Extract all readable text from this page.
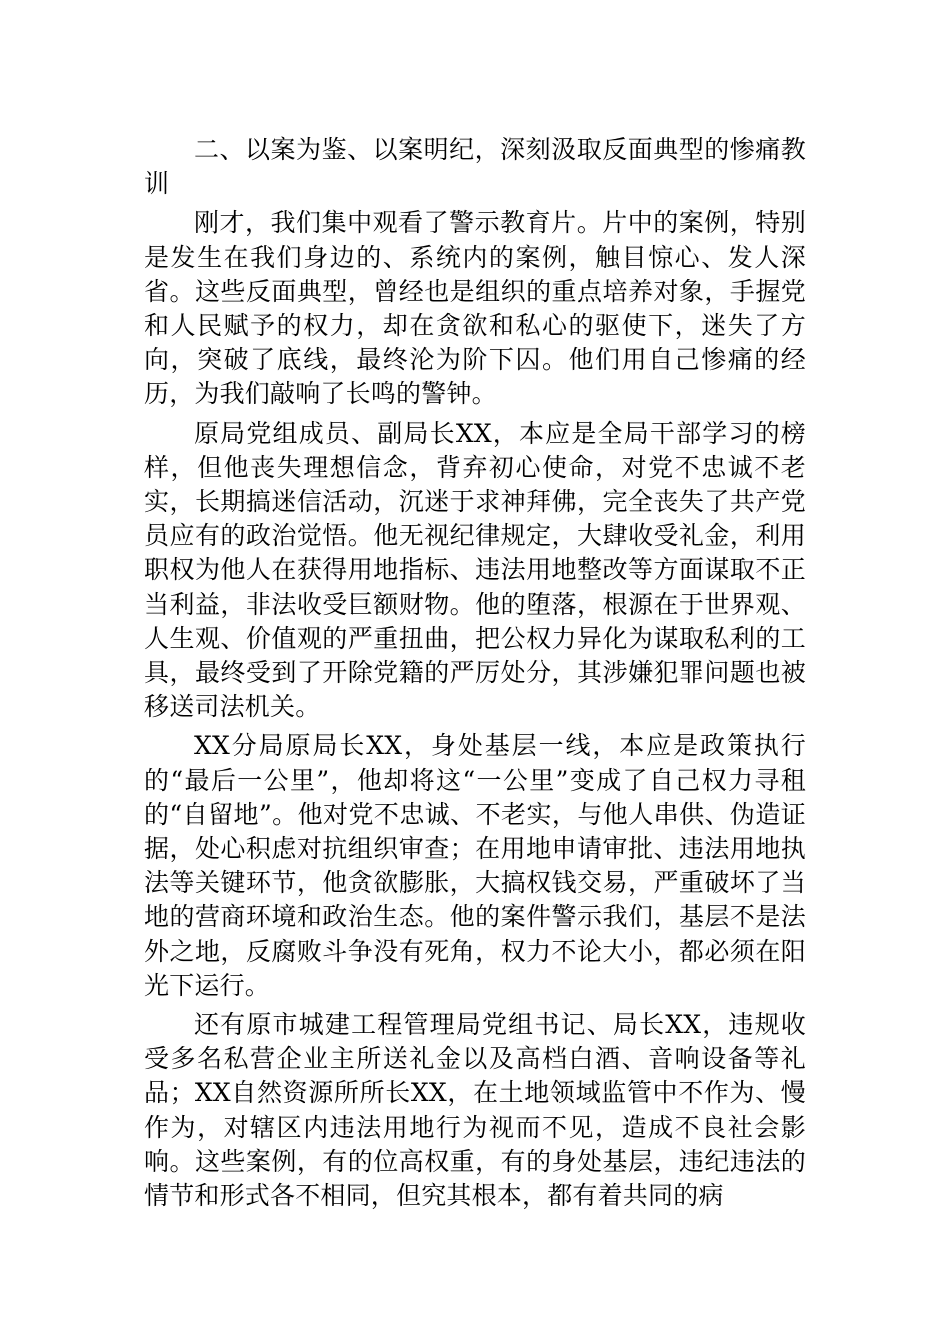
二、以案为鉴、以案明纪，深刻汲取反面典型的惨痛教训

刚才，我们集中观看了警示教育片。片中的案例，特别是发生在我们身边的、系统内的案例，触目惊心、发人深省。这些反面典型，曾经也是组织的重点培养对象，手握党和人民赋予的权力，却在贪欲和私心的驱使下，迷失了方向，突破了底线，最终沦为阶下囚。他们用自己惨痛的经历，为我们敲响了长鸣的警钟。

原局党组成员、副局长XX，本应是全局干部学习的榜样，但他丧失理想信念，背弃初心使命，对党不忠诚不老实，长期搞迷信活动，沉迷于求神拜佛，完全丧失了共产党员应有的政治觉悟。他无视纪律规定，大肆收受礼金，利用职权为他人在获得用地指标、违法用地整改等方面谋取不正当利益，非法收受巨额财物。他的堕落，根源在于世界观、人生观、价值观的严重扭曲，把公权力异化为谋取私利的工具，最终受到了开除党籍的严厉处分，其涉嫌犯罪问题也被移送司法机关。

XX分局原局长XX，身处基层一线，本应是政策执行的“最后一公里”，他却将这“一公里”变成了自己权力寻租的“自留地”。他对党不忠诚、不老实，与他人串供、伪造证据，处心积虑对抗组织审查；在用地申请审批、违法用地执法等关键环节，他贪欲膨胀，大搞权钱交易，严重破坏了当地的营商环境和政治生态。他的案件警示我们，基层不是法外之地，反腐败斗争没有死角，权力不论大小，都必须在阳光下运行。

还有原市城建工程管理局党组书记、局长XX，违规收受多名私营企业主所送礼金以及高档白酒、音响设备等礼品；XX自然资源所所长XX，在土地领域监管中不作为、慢作为，对辖区内违法用地行为视而不见，造成不良社会影响。这些案例，有的位高权重，有的身处基层，违纪违法的情节和形式各不相同，但究其根本，都有着共同的病
